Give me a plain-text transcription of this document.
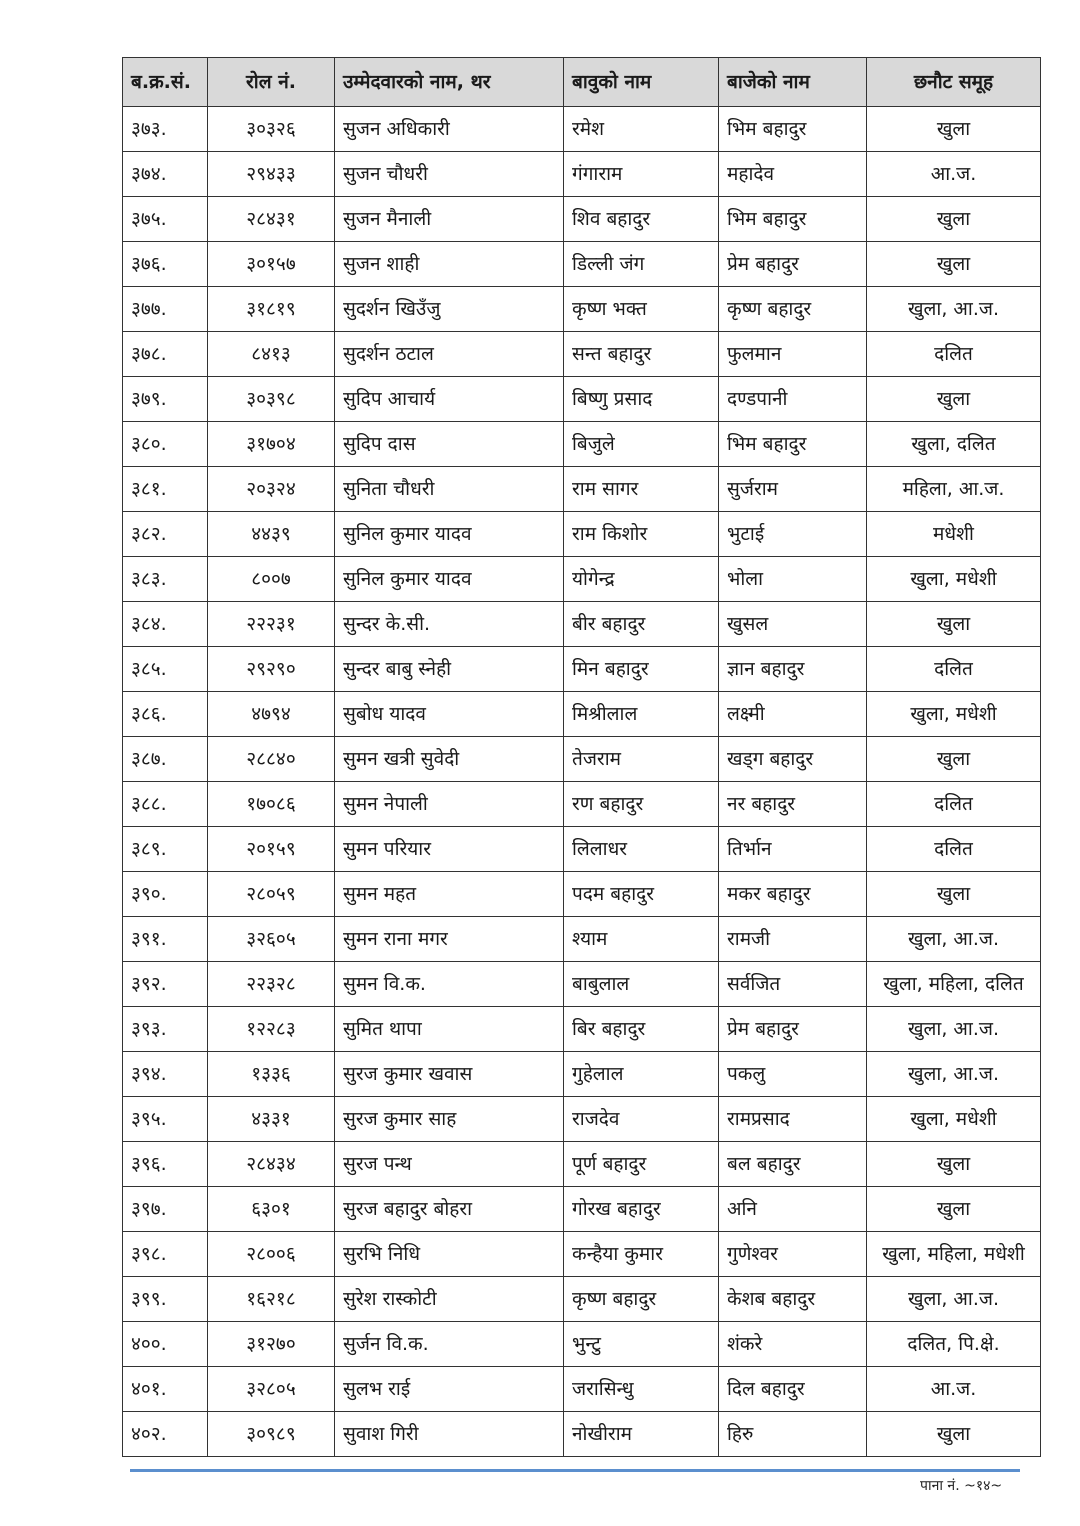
ब.क्र.सं.	रोल नं.	उम्मेदवारको नाम, थर	बावुको नाम	बाजेको नाम	छनौट समूह
३७३.	३०३२६	सुजन अधिकारी	रमेश	भिम बहादुर	खुला
३७४.	२९४३३	सुजन चौधरी	गंगाराम	महादेव	आ.ज.
३७५.	२८४३१	सुजन मैनाली	शिव बहादुर	भिम बहादुर	खुला
३७६.	३०१५७	सुजन शाही	डिल्ली जंग	प्रेम बहादुर	खुला
३७७.	३१८१९	सुदर्शन खिउँजु	कृष्ण भक्त	कृष्ण बहादुर	खुला, आ.ज.
३७८.	८४१३	सुदर्शन ठटाल	सन्त बहादुर	फुलमान	दलित
३७९.	३०३९८	सुदिप आचार्य	बिष्णु प्रसाद	दण्डपानी	खुला
३८०.	३१७०४	सुदिप दास	बिजुले	भिम बहादुर	खुला, दलित
३८१.	२०३२४	सुनिता चौधरी	राम सागर	सुर्जराम	महिला, आ.ज.
३८२.	४४३९	सुनिल कुमार यादव	राम किशोर	भुटाई	मधेशी
३८३.	८००७	सुनिल कुमार यादव	योगेन्द्र	भोला	खुला, मधेशी
३८४.	२२२३१	सुन्दर के.सी.	बीर बहादुर	खुसल	खुला
३८५.	२९२९०	सुन्दर बाबु स्नेही	मिन बहादुर	ज्ञान बहादुर	दलित
३८६.	४७९४	सुबोध यादव	मिश्रीलाल	लक्ष्मी	खुला, मधेशी
३८७.	२८८४०	सुमन खत्री सुवेदी	तेजराम	खड्ग बहादुर	खुला
३८८.	१७०८६	सुमन नेपाली	रण बहादुर	नर बहादुर	दलित
३८९.	२०१५९	सुमन परियार	लिलाधर	तिर्भान	दलित
३९०.	२८०५९	सुमन महत	पदम बहादुर	मकर बहादुर	खुला
३९१.	३२६०५	सुमन राना मगर	श्याम	रामजी	खुला, आ.ज.
३९२.	२२३२८	सुमन वि.क.	बाबुलाल	सर्वजित	खुला, महिला, दलित
३९३.	१२२८३	सुमित थापा	बिर बहादुर	प्रेम बहादुर	खुला, आ.ज.
३९४.	१३३६	सुरज कुमार खवास	गुहेलाल	पकलु	खुला, आ.ज.
३९५.	४३३१	सुरज कुमार साह	राजदेव	रामप्रसाद	खुला, मधेशी
३९६.	२८४३४	सुरज पन्थ	पूर्ण बहादुर	बल बहादुर	खुला
३९७.	६३०१	सुरज बहादुर बोहरा	गोरख बहादुर	अनि	खुला
३९८.	२८००६	सुरभि निधि	कन्हैया कुमार	गुणेश्वर	खुला, महिला, मधेशी
३९९.	१६२१८	सुरेश रास्कोटी	कृष्ण बहादुर	केशब बहादुर	खुला, आ.ज.
४००.	३१२७०	सुर्जन वि.क.	भुन्टु	शंकरे	दलित, पि.क्षे.
४०१.	३२८०५	सुलभ राई	जरासिन्धु	दिल बहादुर	आ.ज.
४०२.	३०९८९	सुवाश गिरी	नोखीराम	हिरु	खुला
पाना नं. ~१४~
